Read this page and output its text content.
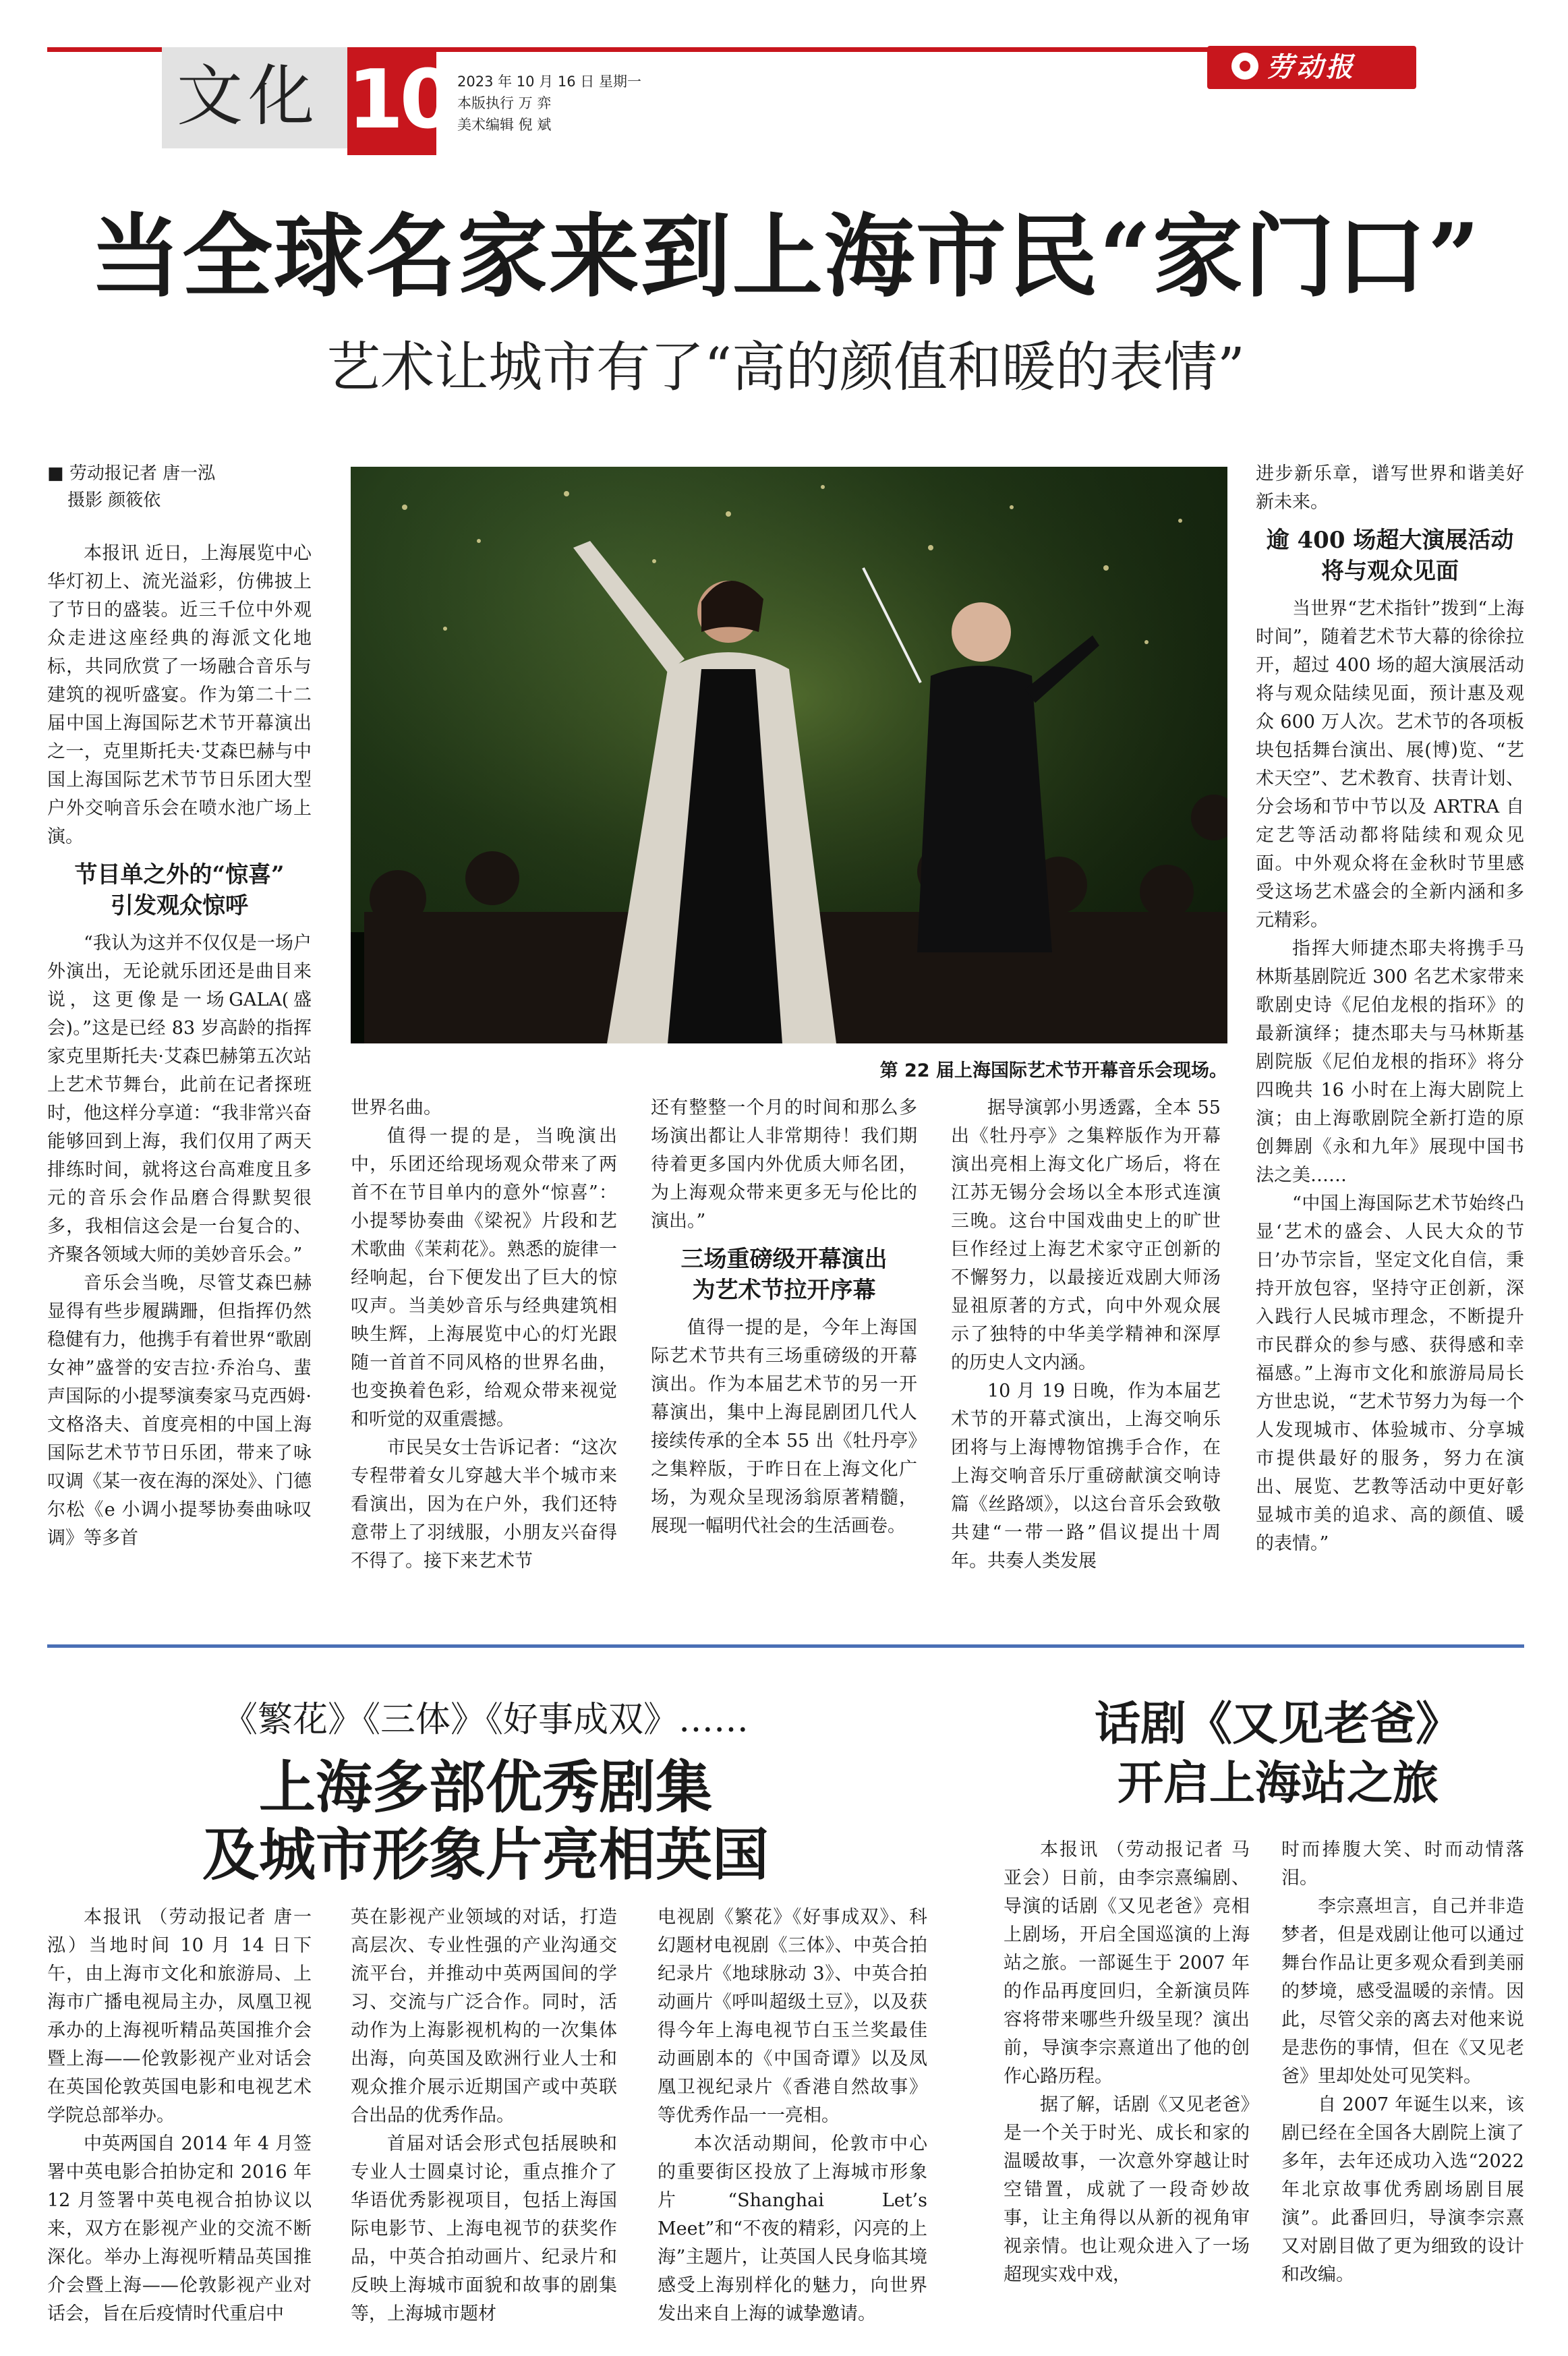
文化 10 2023 年 10 月 16 日 星期一
本版执行 万 弈
美术编辑 倪 斌
劳动报
当全球名家来到上海市民“家门口”
艺术让城市有了“高的颜值和暖的表情”
■ 劳动报记者 唐一泓
摄影 颜筱依

本报讯 近日，上海展览中心华灯初上、流光溢彩，仿佛披上了节日的盛装。近三千位中外观众走进这座经典的海派文化地标，共同欣赏了一场融合音乐与建筑的视听盛宴。作为第二十二届中国上海国际艺术节开幕演出之一，克里斯托夫·艾森巴赫与中国上海国际艺术节节日乐团大型户外交响音乐会在喷水池广场上演。

节目单之外的“惊喜”
引发观众惊呼

“我认为这并不仅仅是一场户外演出，无论就乐团还是曲目来说，这更像是一场GALA(盛会)。”这是已经 83 岁高龄的指挥家克里斯托夫·艾森巴赫第五次站上艺术节舞台，此前在记者探班时，他这样分享道：“我非常兴奋能够回到上海，我们仅用了两天排练时间，就将这台高难度且多元的音乐会作品磨合得默契很多，我相信这会是一台复合的、齐聚各领域大师的美妙音乐会。”

音乐会当晚，尽管艾森巴赫显得有些步履蹒跚，但指挥仍然稳健有力，他携手有着世界“歌剧女神”盛誉的安吉拉·乔治乌、蜚声国际的小提琴演奏家马克西姆·文格洛夫、首度亮相的中国上海国际艺术节节日乐团，带来了咏叹调《某一夜在海的深处》、门德尔松《e 小调小提琴协奏曲咏叹调》等多首

第 22 届上海国际艺术节开幕音乐会现场。
世界名曲。

值得一提的是，当晚演出中，乐团还给现场观众带来了两首不在节目单内的意外“惊喜”：小提琴协奏曲《梁祝》片段和艺术歌曲《茉莉花》。熟悉的旋律一经响起，台下便发出了巨大的惊叹声。当美妙音乐与经典建筑相映生辉，上海展览中心的灯光跟随一首首不同风格的世界名曲，也变换着色彩，给观众带来视觉和听觉的双重震撼。

市民吴女士告诉记者：“这次专程带着女儿穿越大半个城市来看演出，因为在户外，我们还特意带上了羽绒服，小朋友兴奋得不得了。接下来艺术节

还有整整一个月的时间和那么多场演出都让人非常期待！我们期待着更多国内外优质大师名团，为上海观众带来更多无与伦比的演出。”
三场重磅级开幕演出
为艺术节拉开序幕

值得一提的是，今年上海国际艺术节共有三场重磅级的开幕演出。作为本届艺术节的另一开幕演出，集中上海昆剧团几代人接续传承的全本 55 出《牡丹亭》之集粹版，于昨日在上海文化广场，为观众呈现汤翁原著精髓，展现一幅明代社会的生活画卷。

据导演郭小男透露，全本 55 出《牡丹亭》之集粹版作为开幕演出亮相上海文化广场后，将在江苏无锡分会场以全本形式连演三晚。这台中国戏曲史上的旷世巨作经过上海艺术家守正创新的不懈努力，以最接近戏剧大师汤显祖原著的方式，向中外观众展示了独特的中华美学精神和深厚的历史人文内涵。

10 月 19 日晚，作为本届艺术节的开幕式演出，上海交响乐团将与上海博物馆携手合作，在上海交响音乐厅重磅献演交响诗篇《丝路颂》，以这台音乐会致敬共建“一带一路”倡议提出十周年。共奏人类发展

进步新乐章，谱写世界和谐美好新未来。
逾 400 场超大演展活动
将与观众见面

当世界“艺术指针”拨到“上海时间”，随着艺术节大幕的徐徐拉开，超过 400 场的超大演展活动将与观众陆续见面，预计惠及观众 600 万人次。艺术节的各项板块包括舞台演出、展(博)览、“艺术天空”、艺术教育、扶青计划、分会场和节中节以及 ARTRA 自定艺等活动都将陆续和观众见面。中外观众将在金秋时节里感受这场艺术盛会的全新内涵和多元精彩。

指挥大师捷杰耶夫将携手马林斯基剧院近 300 名艺术家带来歌剧史诗《尼伯龙根的指环》的最新演绎；捷杰耶夫与马林斯基剧院版《尼伯龙根的指环》将分四晚共 16 小时在上海大剧院上演；由上海歌剧院全新打造的原创舞剧《永和九年》展现中国书法之美……

“中国上海国际艺术节始终凸显‘艺术的盛会、人民大众的节日’办节宗旨，坚定文化自信，秉持开放包容，坚持守正创新，深入践行人民城市理念，不断提升市民群众的参与感、获得感和幸福感。”上海市文化和旅游局局长方世忠说，“艺术节努力为每一个人发现城市、体验城市、分享城市提供最好的服务，努力在演出、展览、艺教等活动中更好彰显城市美的追求、高的颜值、暖的表情。”

《繁花》《三体》《好事成双》……
上海多部优秀剧集
及城市形象片亮相英国

本报讯 （劳动报记者 唐一泓）当地时间 10 月 14 日下午，由上海市文化和旅游局、上海市广播电视局主办，凤凰卫视承办的上海视听精品英国推介会暨上海——伦敦影视产业对话会在英国伦敦英国电影和电视艺术学院总部举办。

中英两国自 2014 年 4 月签署中英电影合拍协定和 2016 年 12 月签署中英电视合拍协议以来，双方在影视产业的交流不断深化。举办上海视听精品英国推介会暨上海——伦敦影视产业对话会，旨在后疫情时代重启中

英在影视产业领域的对话，打造高层次、专业性强的产业沟通交流平台，并推动中英两国间的学习、交流与广泛合作。同时，活动作为上海影视机构的一次集体出海，向英国及欧洲行业人士和观众推介展示近期国产或中英联合出品的优秀作品。

首届对话会形式包括展映和专业人士圆桌讨论，重点推介了华语优秀影视项目，包括上海国际电影节、上海电视节的获奖作品，中英合拍动画片、纪录片和反映上海城市面貌和故事的剧集等，上海城市题材

电视剧《繁花》《好事成双》、科幻题材电视剧《三体》、中英合拍纪录片《地球脉动 3》、中英合拍动画片《呼叫超级土豆》，以及获得今年上海电视节白玉兰奖最佳动画剧本的《中国奇谭》以及凤凰卫视纪录片《香港自然故事》等优秀作品一一亮相。

本次活动期间，伦敦市中心的重要街区投放了上海城市形象片“Shanghai Let’s Meet”和“不夜的精彩，闪亮的上海”主题片，让英国人民身临其境感受上海别样化的魅力，向世界发出来自上海的诚挚邀请。

话剧《又见老爸》
开启上海站之旅

本报讯 （劳动报记者 马亚会）日前，由李宗熹编剧、导演的话剧《又见老爸》亮相上剧场，开启全国巡演的上海站之旅。一部诞生于 2007 年的作品再度回归，全新演员阵容将带来哪些升级呈现？演出前，导演李宗熹道出了他的创作心路历程。

据了解，话剧《又见老爸》是一个关于时光、成长和家的温暖故事，一次意外穿越让时空错置，成就了一段奇妙故事，让主角得以从新的视角审视亲情。也让观众进入了一场超现实戏中戏，

时而捧腹大笑、时而动情落泪。

李宗熹坦言，自己并非造梦者，但是戏剧让他可以通过舞台作品让更多观众看到美丽的梦境，感受温暖的亲情。因此，尽管父亲的离去对他来说是悲伤的事情，但在《又见老爸》里却处处可见笑料。

自 2007 年诞生以来，该剧已经在全国各大剧院上演了多年，去年还成功入选“2022 年北京故事优秀剧场剧目展演”。此番回归，导演李宗熹又对剧目做了更为细致的设计和改编。
